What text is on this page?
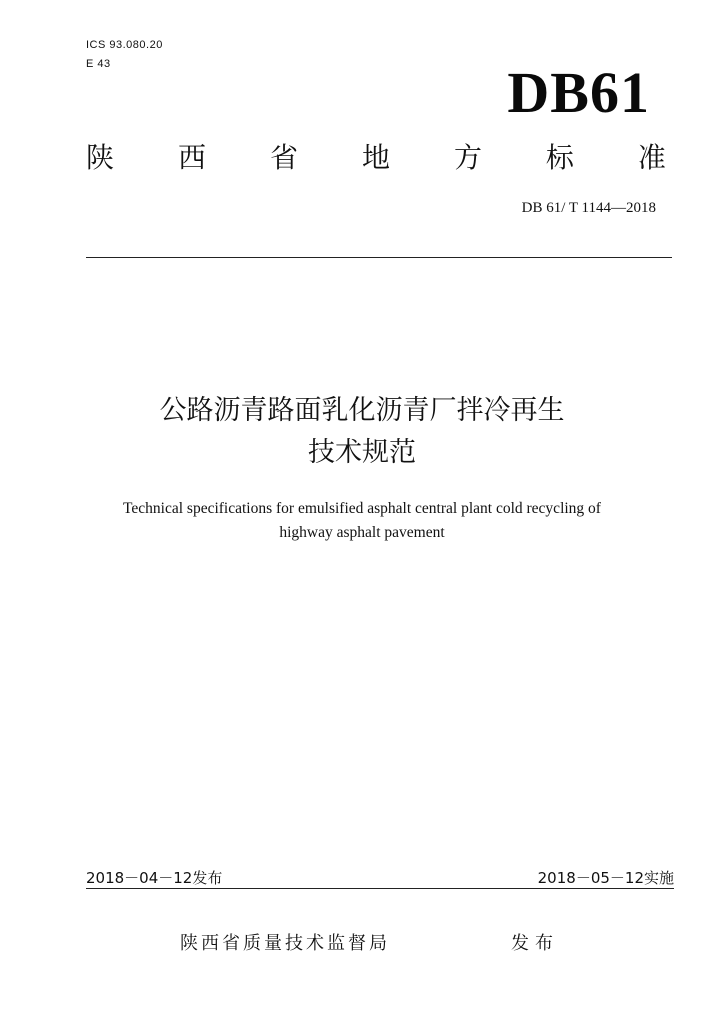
ICS 93.080.20
E 43	DB61
陕 西 省 地 方 标 准
DB 61/ T 1144—2018
公路沥青路面乳化沥青厂拌冷再生
技术规范
Technical specifications for emulsified asphalt central plant cold recycling of
highway asphalt pavement
2018－04－12发布	2018－05－12实施
陕西省质量技术监督局	发布
